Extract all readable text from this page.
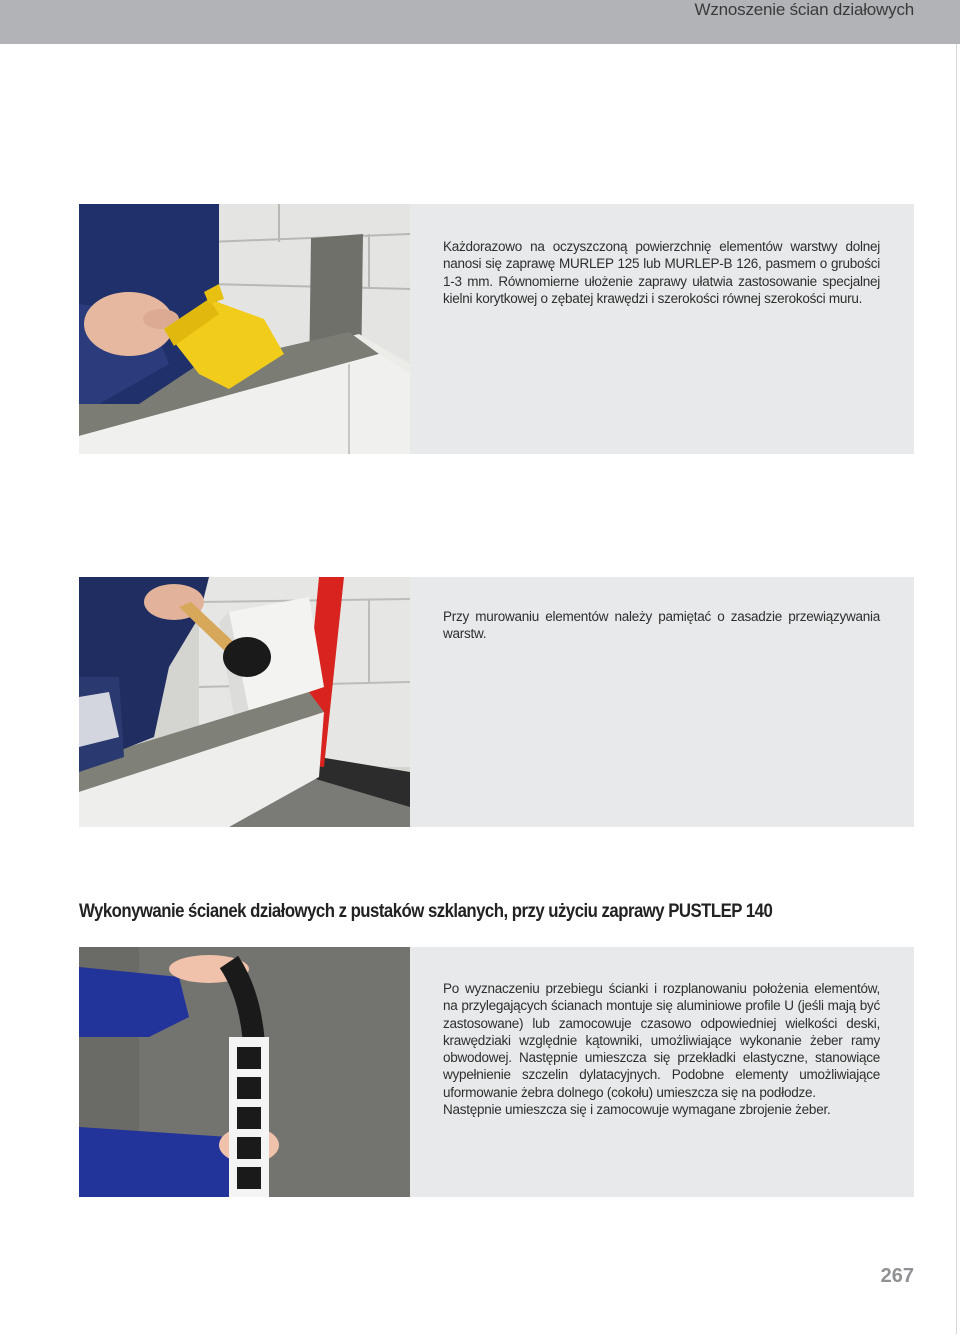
Wznoszenie ścian działowych

Każdorazowo na oczyszczoną powierzchnię elementów warstwy dolnej nanosi się zaprawę MURLEP 125 lub MURLEP-B 126, pasmem o grubości 1-3 mm. Równomierne ułożenie zaprawy ułatwia zastosowanie specjalnej kielni korytkowej o zębatej krawędzi i szerokości równej szerokości muru.

Przy murowaniu elementów należy pamiętać o zasadzie przewiązywania warstw.

Wykonywanie ścianek działowych z pustaków szklanych, przy użyciu zaprawy PUSTLEP 140

Po wyznaczeniu przebiegu ścianki i rozplanowaniu położenia elementów, na przylegających ścianach montuje się aluminiowe profile U (jeśli mają być zastosowane) lub zamocowuje czasowo odpowiedniej wielkości deski, krawędziaki względnie kątowniki, umożliwiające wykonanie żeber ramy obwodowej. Następnie umieszcza się przekładki elastyczne, stanowiące wypełnienie szczelin dylatacyjnych. Podobne elementy umożliwiające uformowanie żebra dolnego (cokołu) umieszcza się na podłodze.

Następnie umieszcza się i zamocowuje wymagane zbrojenie żeber.

267
